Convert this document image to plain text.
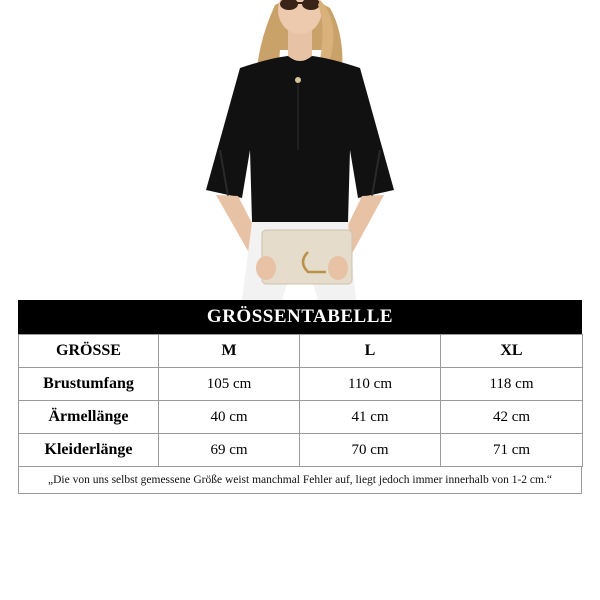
GRÖSSENTABELLE
GRÖSSE	M	L	XL
Brustumfang	105 cm	110 cm	118 cm
Ärmellänge	40 cm	41 cm	42 cm
Kleiderlänge	69 cm	70 cm	71 cm
„Die von uns selbst gemessene Größe weist manchmal Fehler auf, liegt jedoch immer innerhalb von 1-2 cm.“
